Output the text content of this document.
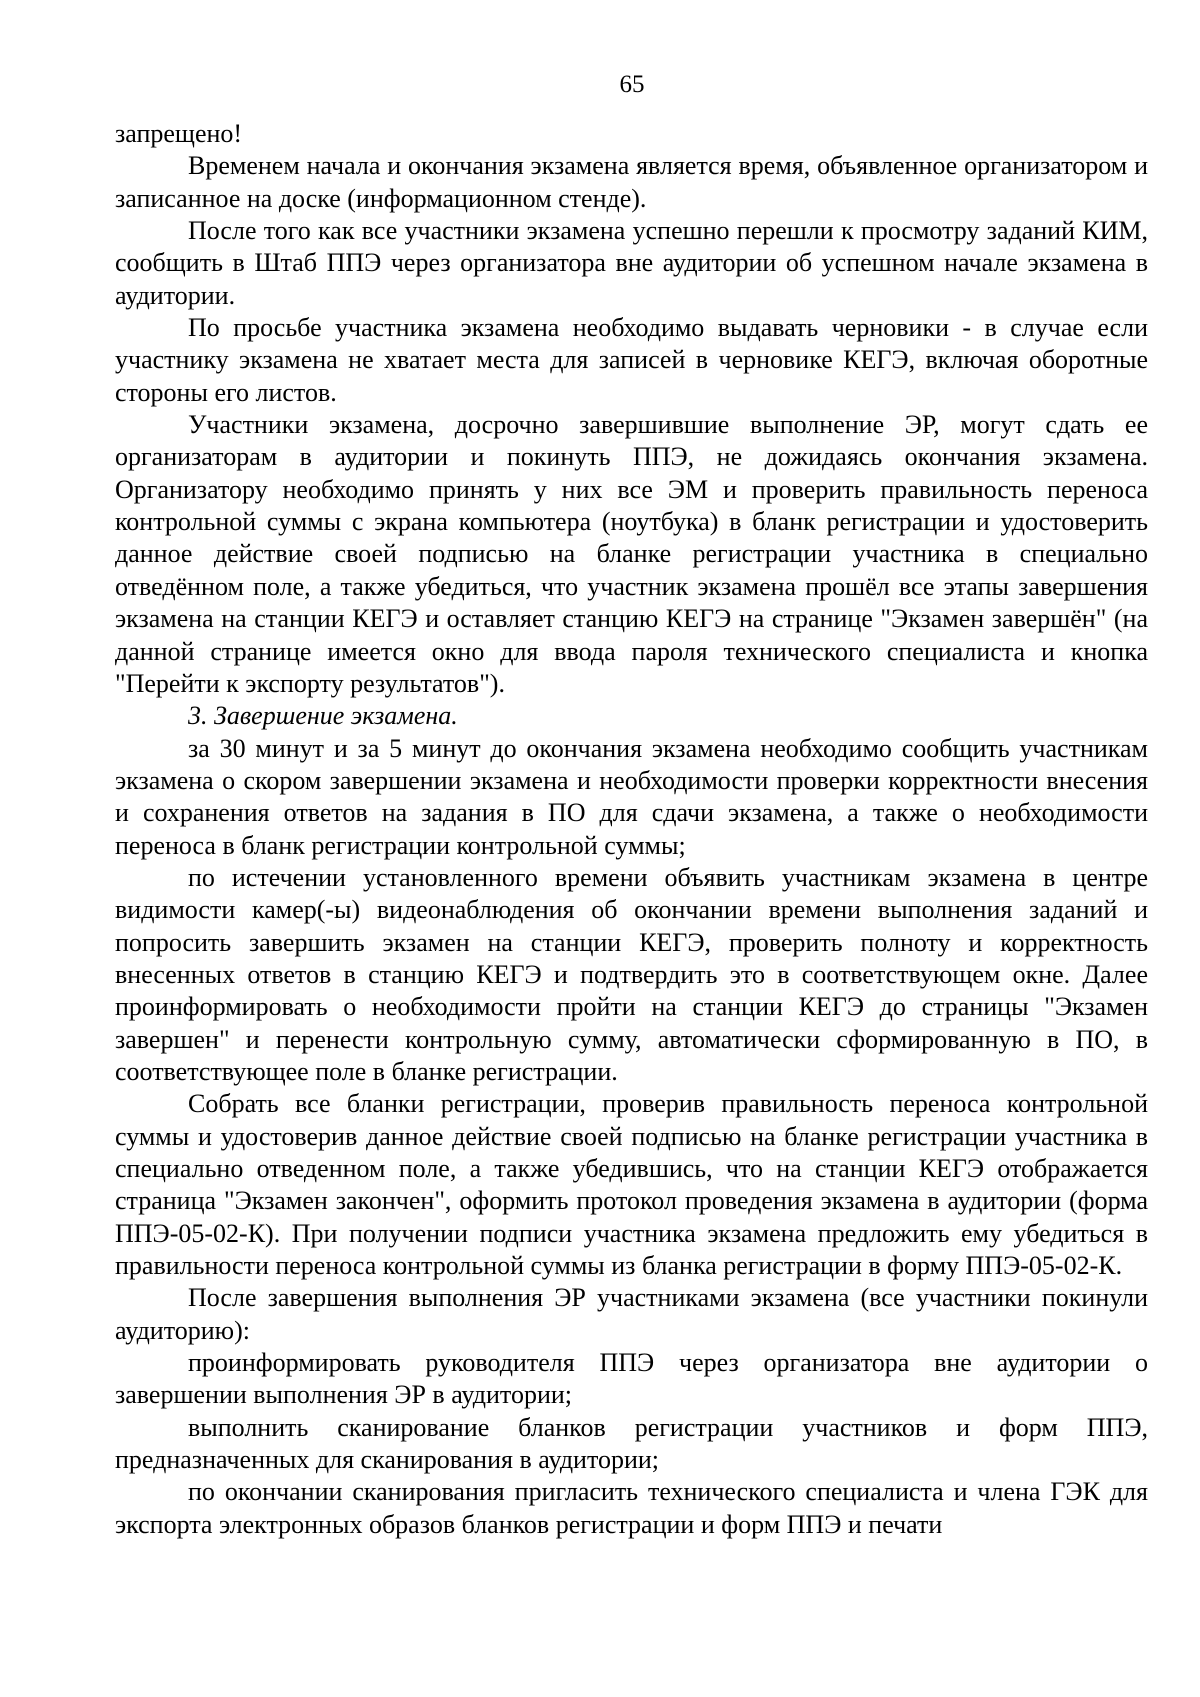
65

запрещено!

Временем начала и окончания экзамена является время, объявленное организатором и записанное на доске (информационном стенде).

После того как все участники экзамена успешно перешли к просмотру заданий КИМ, сообщить в Штаб ППЭ через организатора вне аудитории об успешном начале экзамена в аудитории.

По просьбе участника экзамена необходимо выдавать черновики - в случае если участнику экзамена не хватает места для записей в черновике КЕГЭ, включая оборотные стороны его листов.

Участники экзамена, досрочно завершившие выполнение ЭР, могут сдать ее организаторам в аудитории и покинуть ППЭ, не дожидаясь окончания экзамена. Организатору необходимо принять у них все ЭМ и проверить правильность переноса контрольной суммы с экрана компьютера (ноутбука) в бланк регистрации и удостоверить данное действие своей подписью на бланке регистрации участника в специально отведённом поле, а также убедиться, что участник экзамена прошёл все этапы завершения экзамена на станции КЕГЭ и оставляет станцию КЕГЭ на странице "Экзамен завершён" (на данной странице имеется окно для ввода пароля технического специалиста и кнопка "Перейти к экспорту результатов").

3. Завершение экзамена.

за 30 минут и за 5 минут до окончания экзамена необходимо сообщить участникам экзамена о скором завершении экзамена и необходимости проверки корректности внесения и сохранения ответов на задания в ПО для сдачи экзамена, а также о необходимости переноса в бланк регистрации контрольной суммы;

по истечении установленного времени объявить участникам экзамена в центре видимости камер(-ы) видеонаблюдения об окончании времени выполнения заданий и попросить завершить экзамен на станции КЕГЭ, проверить полноту и корректность внесенных ответов в станцию КЕГЭ и подтвердить это в соответствующем окне. Далее проинформировать о необходимости пройти на станции КЕГЭ до страницы "Экзамен завершен" и перенести контрольную сумму, автоматически сформированную в ПО, в соответствующее поле в бланке регистрации.

Собрать все бланки регистрации, проверив правильность переноса контрольной суммы и удостоверив данное действие своей подписью на бланке регистрации участника в специально отведенном поле, а также убедившись, что на станции КЕГЭ отображается страница "Экзамен закончен", оформить протокол проведения экзамена в аудитории (форма ППЭ-05-02-К). При получении подписи участника экзамена предложить ему убедиться в правильности переноса контрольной суммы из бланка регистрации в форму ППЭ-05-02-К.

После завершения выполнения ЭР участниками экзамена (все участники покинули аудиторию):

проинформировать руководителя ППЭ через организатора вне аудитории о завершении выполнения ЭР в аудитории;

выполнить сканирование бланков регистрации участников и форм ППЭ, предназначенных для сканирования в аудитории;

по окончании сканирования пригласить технического специалиста и члена ГЭК для экспорта электронных образов бланков регистрации и форм ППЭ и печати
